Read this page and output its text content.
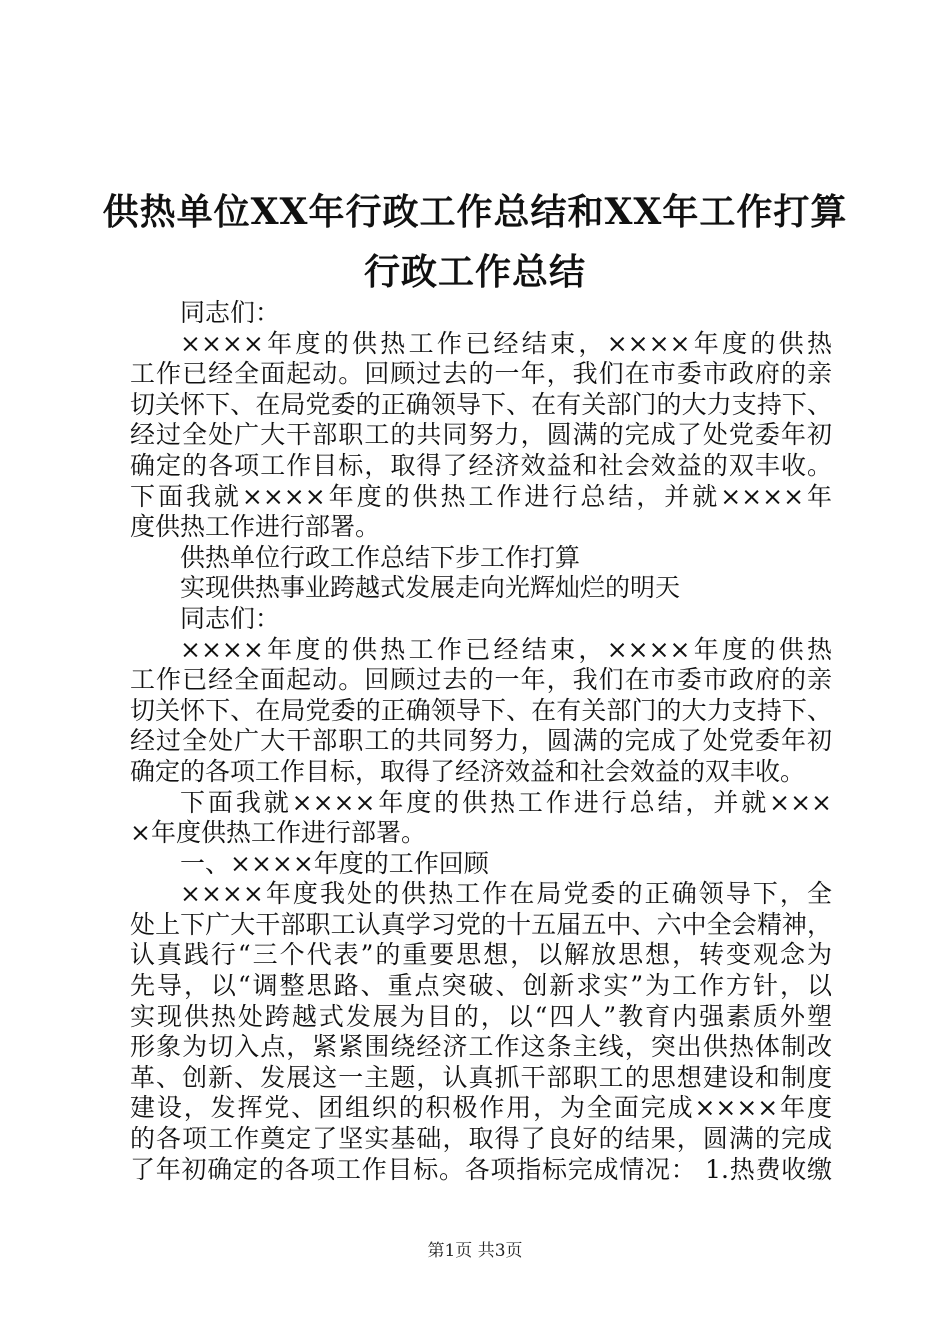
供热单位XX年行政工作总结和XX年工作打算
行政工作总结
同志们：
××××年度的供热工作已经结束，××××年度的供热
工作已经全面起动。回顾过去的一年，我们在市委市政府的亲
切关怀下、在局党委的正确领导下、在有关部门的大力支持下、
经过全处广大干部职工的共同努力，圆满的完成了处党委年初
确定的各项工作目标，取得了经济效益和社会效益的双丰收。
下面我就××××年度的供热工作进行总结，并就××××年
度供热工作进行部署。
供热单位行政工作总结下步工作打算
实现供热事业跨越式发展走向光辉灿烂的明天
同志们：
××××年度的供热工作已经结束，××××年度的供热
工作已经全面起动。回顾过去的一年，我们在市委市政府的亲
切关怀下、在局党委的正确领导下、在有关部门的大力支持下、
经过全处广大干部职工的共同努力，圆满的完成了处党委年初
确定的各项工作目标，取得了经济效益和社会效益的双丰收。
下面我就××××年度的供热工作进行总结，并就×××
×年度供热工作进行部署。
一、××××年度的工作回顾
××××年度我处的供热工作在局党委的正确领导下，全
处上下广大干部职工认真学习党的十五届五中、六中全会精神，
认真践行“三个代表”的重要思想，以解放思想，转变观念为
先导，以“调整思路、重点突破、创新求实”为工作方针，以
实现供热处跨越式发展为目的，以“四人”教育内强素质外塑
形象为切入点，紧紧围绕经济工作这条主线，突出供热体制改
革、创新、发展这一主题，认真抓干部职工的思想建设和制度
建设，发挥党、团组织的积极作用，为全面完成××××年度
的各项工作奠定了坚实基础，取得了良好的结果，圆满的完成
了年初确定的各项工作目标。各项指标完成情况： 1.热费收缴
第1页 共3页
